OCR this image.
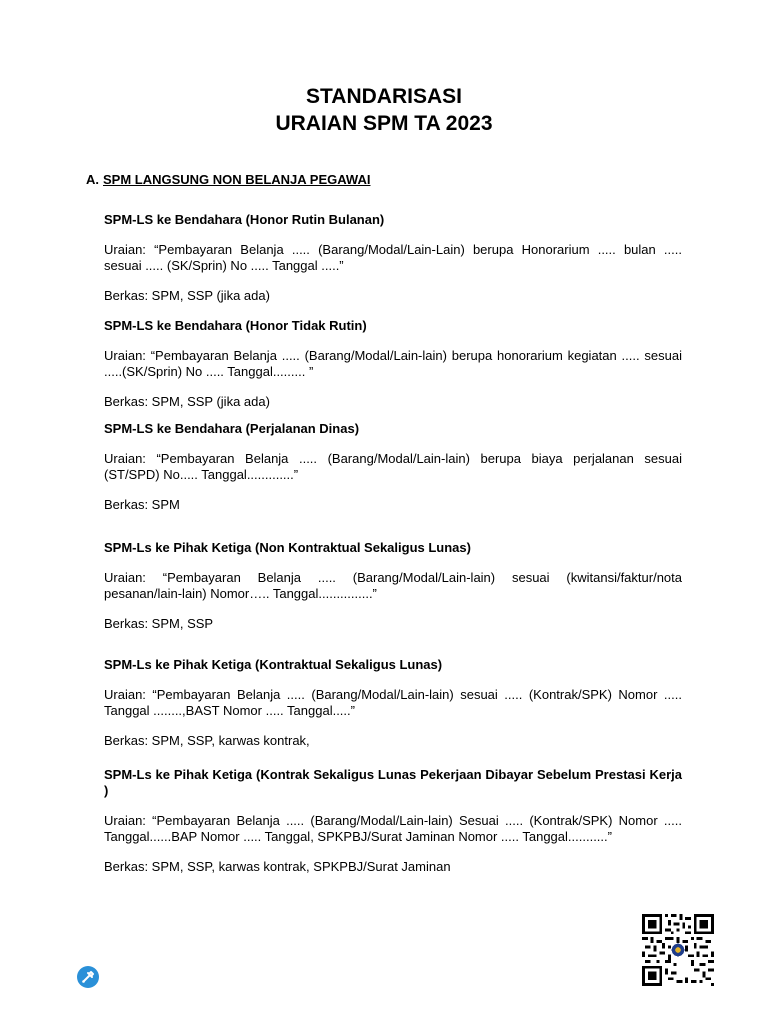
STANDARISASI
URAIAN SPM TA 2023
A. SPM LANGSUNG NON BELANJA PEGAWAI
SPM-LS ke Bendahara (Honor Rutin Bulanan)
Uraian: “Pembayaran Belanja ..... (Barang/Modal/Lain-Lain) berupa Honorarium ..... bulan ..... sesuai ..... (SK/Sprin) No ..... Tanggal .....”
Berkas: SPM, SSP (jika ada)
SPM-LS ke Bendahara (Honor Tidak Rutin)
Uraian: “Pembayaran Belanja ..... (Barang/Modal/Lain-lain) berupa honorarium kegiatan ..... sesuai .....(SK/Sprin) No ..... Tanggal......... ”
Berkas: SPM, SSP (jika ada)
SPM-LS ke Bendahara (Perjalanan Dinas)
Uraian: “Pembayaran Belanja ..... (Barang/Modal/Lain-lain) berupa biaya perjalanan sesuai (ST/SPD) No..... Tanggal.............”
Berkas: SPM
SPM-Ls ke Pihak Ketiga (Non Kontraktual Sekaligus Lunas)
Uraian: “Pembayaran Belanja ..... (Barang/Modal/Lain-lain) sesuai (kwitansi/faktur/nota pesanan/lain-lain) Nomor….. Tanggal...............”
Berkas: SPM, SSP
SPM-Ls ke Pihak Ketiga (Kontraktual Sekaligus Lunas)
Uraian: “Pembayaran Belanja ..... (Barang/Modal/Lain-lain) sesuai ..... (Kontrak/SPK) Nomor ..... Tanggal ........,BAST Nomor ..... Tanggal.....”
Berkas: SPM, SSP, karwas kontrak,
SPM-Ls ke Pihak Ketiga (Kontrak Sekaligus Lunas Pekerjaan Dibayar Sebelum Prestasi Kerja )
Uraian: “Pembayaran Belanja ..... (Barang/Modal/Lain-lain) Sesuai ..... (Kontrak/SPK) Nomor ..... Tanggal......BAP Nomor ..... Tanggal, SPKPBJ/Surat Jaminan Nomor ..... Tanggal...........”
Berkas: SPM, SSP, karwas kontrak, SPKPBJ/Surat Jaminan
